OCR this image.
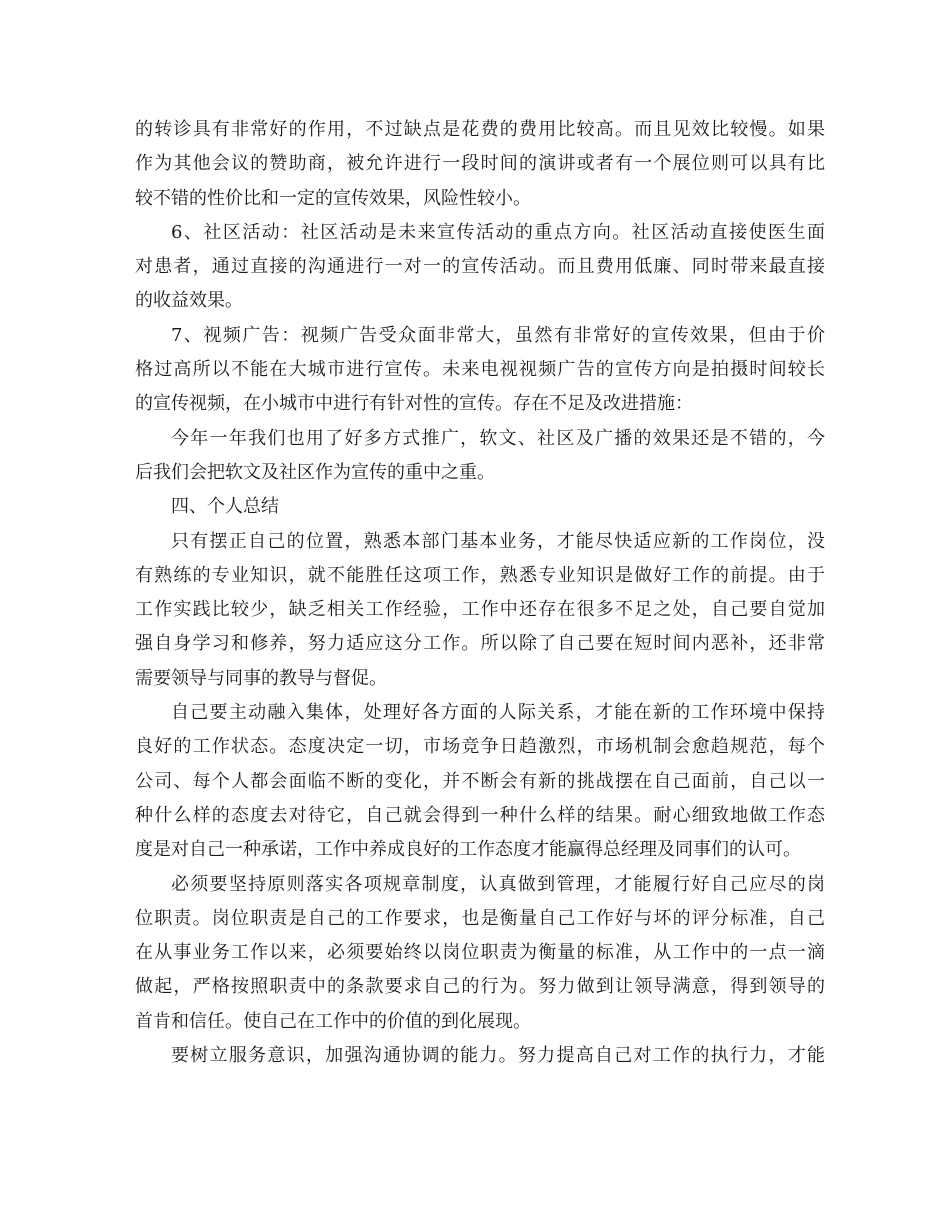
的转诊具有非常好的作用，不过缺点是花费的费用比较高。而且见效比较慢。如果
作为其他会议的赞助商，被允许进行一段时间的演讲或者有一个展位则可以具有比
较不错的性价比和一定的宣传效果，风险性较小。
6、社区活动：社区活动是未来宣传活动的重点方向。社区活动直接使医生面
对患者，通过直接的沟通进行一对一的宣传活动。而且费用低廉、同时带来最直接
的收益效果。
7、视频广告：视频广告受众面非常大，虽然有非常好的宣传效果，但由于价
格过高所以不能在大城市进行宣传。未来电视视频广告的宣传方向是拍摄时间较长
的宣传视频，在小城市中进行有针对性的宣传。存在不足及改进措施：
今年一年我们也用了好多方式推广，软文、社区及广播的效果还是不错的，今
后我们会把软文及社区作为宣传的重中之重。
四、个人总结
只有摆正自己的位置，熟悉本部门基本业务，才能尽快适应新的工作岗位，没
有熟练的专业知识，就不能胜任这项工作，熟悉专业知识是做好工作的前提。由于
工作实践比较少，缺乏相关工作经验，工作中还存在很多不足之处，自己要自觉加
强自身学习和修养，努力适应这分工作。所以除了自己要在短时间内恶补，还非常
需要领导与同事的教导与督促。
自己要主动融入集体，处理好各方面的人际关系，才能在新的工作环境中保持
良好的工作状态。态度决定一切，市场竞争日趋激烈，市场机制会愈趋规范，每个
公司、每个人都会面临不断的变化，并不断会有新的挑战摆在自己面前，自己以一
种什么样的态度去对待它，自己就会得到一种什么样的结果。耐心细致地做工作态
度是对自己一种承诺，工作中养成良好的工作态度才能赢得总经理及同事们的认可。
必须要坚持原则落实各项规章制度，认真做到管理，才能履行好自己应尽的岗
位职责。岗位职责是自己的工作要求，也是衡量自己工作好与坏的评分标准，自己
在从事业务工作以来，必须要始终以岗位职责为衡量的标准，从工作中的一点一滴
做起，严格按照职责中的条款要求自己的行为。努力做到让领导满意，得到领导的
首肯和信任。使自己在工作中的价值的到化展现。
要树立服务意识，加强沟通协调的能力。努力提高自己对工作的执行力，才能
